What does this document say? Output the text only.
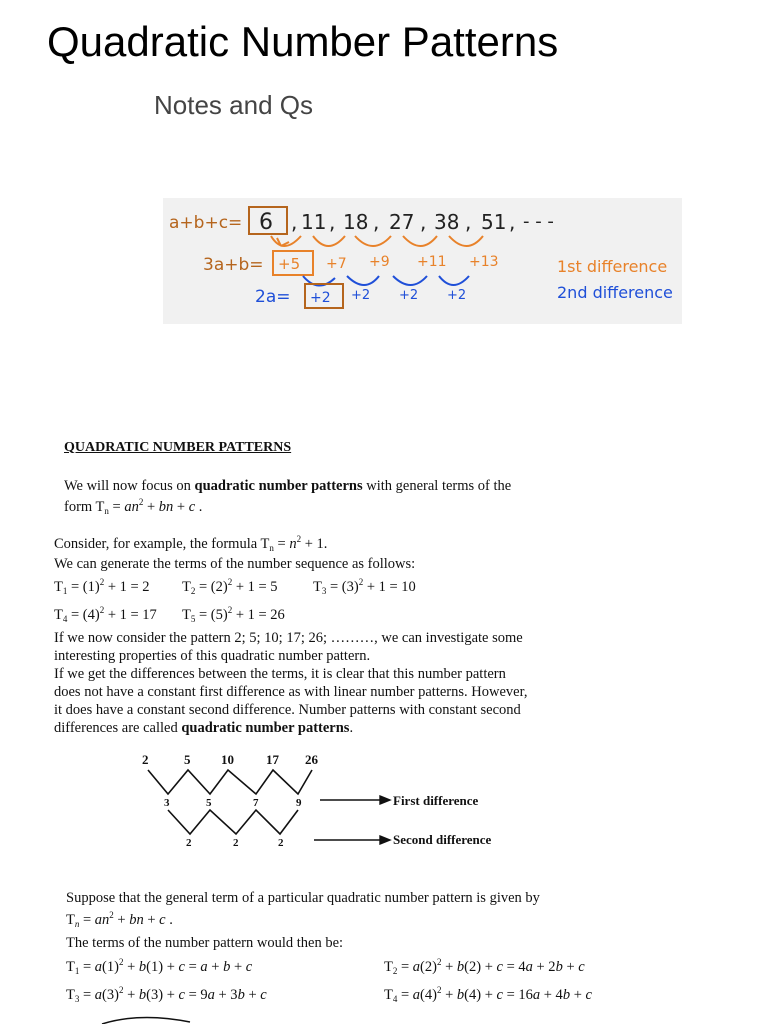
Quadratic Number Patterns
Notes and Qs
a+b+c= 6 , 11 , 18 , 27 , 38 , 51 , - - -
3a+b= +5 +7 +9 +11 +13	1st difference
2a= +2 +2 +2 +2	2nd difference
QUADRATIC NUMBER PATTERNS
We will now focus on quadratic number patterns with general terms of the
form $T_n = an^2$ + bn + c .
Consider, for example, the formula $T_n = n^2 + 1$.
We can generate the terms of the number sequence as follows:
$T_1 = (1)^2 + 1 = 2$ $T_2 = (2)^2 + 1 = 5$ $T_3 = (3)^2 + 1 = 10$
$T_4 = (4)^2 + 1 = 17$ $T_5 = (5)^2 + 1 = 26$
If we now consider the pattern 2; 5; 10; 17; 26; ………, we can investigate some
interesting properties of this quadratic number pattern.
If we get the differences between the terms, it is clear that this number pattern
does not have a constant first difference as with linear number patterns. However,
it does have a constant second difference. Number patterns with constant second
differences are called quadratic number patterns.
2	5 10 17 26
3	5	7	9
2	2	2
First difference
Second difference
Suppose that the general term of a particular quadratic number pattern is given by
$T_n = an^2$ + bn + c .
The terms of the number pattern would then be:
$T_1 = a(1)^2 + b(1) + c = a + b + c$	$T_2 = a(2)^2 + b(2) + c = 4a + 2b + c$
$T_3 = a(3)^2 + b(3) + c = 9a + 3b + c$	$T_4 = a(4)^2 + b(4) + c = 16a + 4b + c$
